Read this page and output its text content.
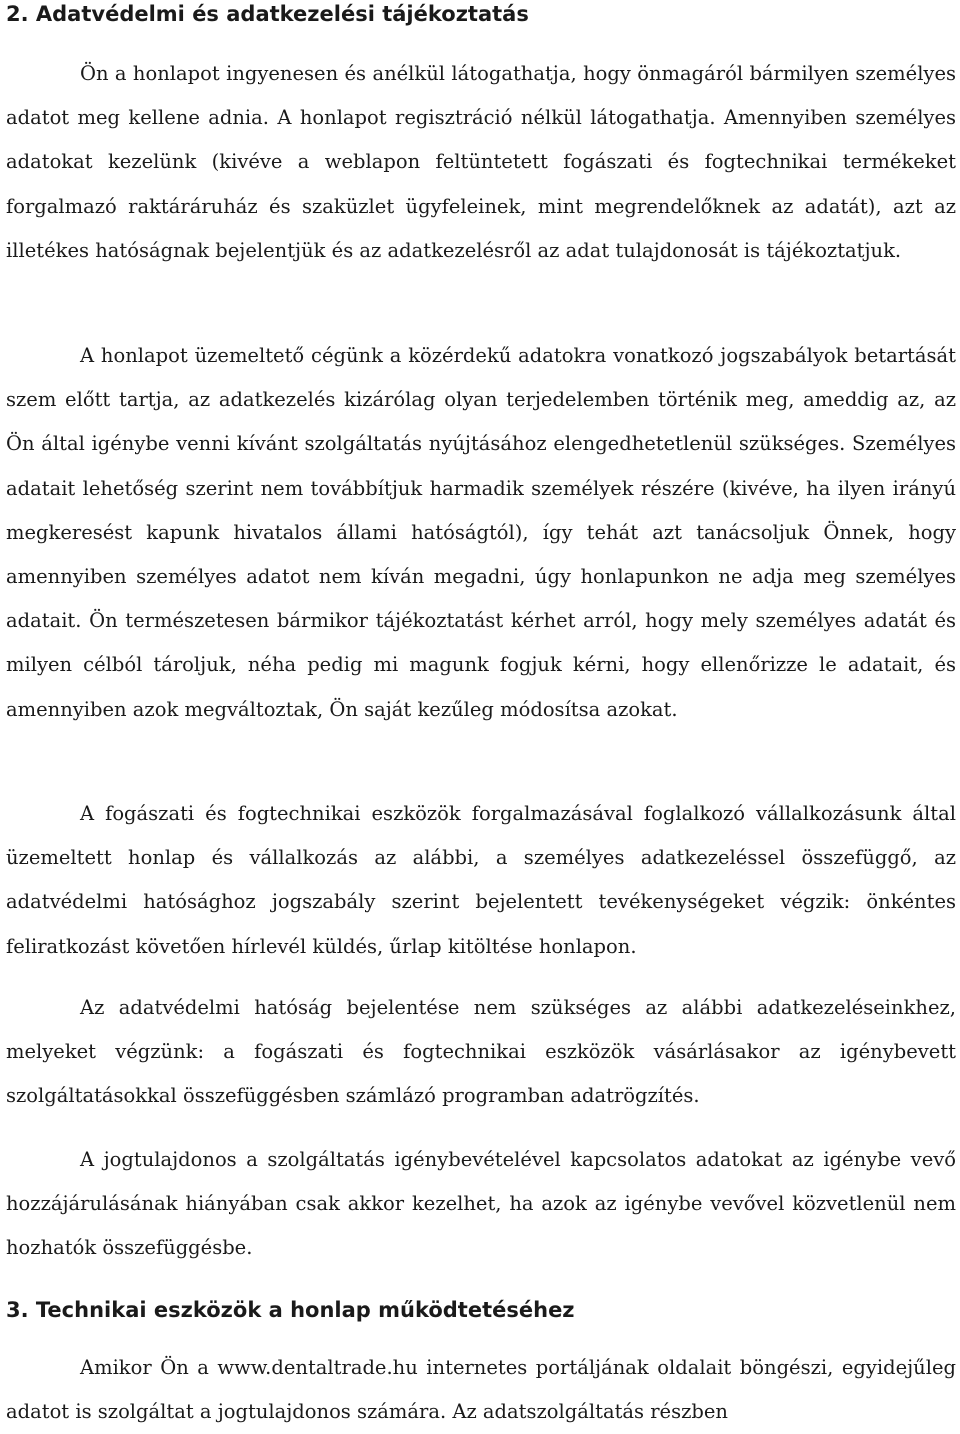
2. Adatvédelmi és adatkezelési tájékoztatás

Ön a honlapot ingyenesen és anélkül látogathatja, hogy önmagáról bármilyen személyes adatot meg kellene adnia. A honlapot regisztráció nélkül látogathatja. Amennyiben személyes adatokat kezelünk (kivéve a weblapon feltüntetett fogászati és fogtechnikai termékeket forgalmazó raktáráruház és szaküzlet ügyfeleinek, mint megrendelőknek az adatát), azt az illetékes hatóságnak bejelentjük és az adatkezelésről az adat tulajdonosát is tájékoztatjuk.

A honlapot üzemeltető cégünk a közérdekű adatokra vonatkozó jogszabályok betartását szem előtt tartja, az adatkezelés kizárólag olyan terjedelemben történik meg, ameddig az, az Ön által igénybe venni kívánt szolgáltatás nyújtásához elengedhetetlenül szükséges. Személyes adatait lehetőség szerint nem továbbítjuk harmadik személyek részére (kivéve, ha ilyen irányú megkeresést kapunk hivatalos állami hatóságtól), így tehát azt tanácsoljuk Önnek, hogy amennyiben személyes adatot nem kíván megadni, úgy honlapunkon ne adja meg személyes adatait. Ön természetesen bármikor tájékoztatást kérhet arról, hogy mely személyes adatát és milyen célból tároljuk, néha pedig mi magunk fogjuk kérni, hogy ellenőrizze le adatait, és amennyiben azok megváltoztak, Ön saját kezűleg módosítsa azokat.

A fogászati és fogtechnikai eszközök forgalmazásával foglalkozó vállalkozásunk által üzemeltett honlap és vállalkozás az alábbi, a személyes adatkezeléssel összefüggő, az adatvédelmi hatósághoz jogszabály szerint bejelentett tevékenységeket végzik: önkéntes feliratkozást követően hírlevél küldés, űrlap kitöltése honlapon.

Az adatvédelmi hatóság bejelentése nem szükséges az alábbi adatkezeléseinkhez, melyeket végzünk: a fogászati és fogtechnikai eszközök vásárlásakor az igénybevett szolgáltatásokkal összefüggésben számlázó programban adatrögzítés.

A jogtulajdonos a szolgáltatás igénybevételével kapcsolatos adatokat az igénybe vevő hozzájárulásának hiányában csak akkor kezelhet, ha azok az igénybe vevővel közvetlenül nem hozhatók összefüggésbe.

3. Technikai eszközök a honlap működtetéséhez

Amikor Ön a www.dentaltrade.hu internetes portáljának oldalait böngészi, egyidejűleg adatot is szolgáltat a jogtulajdonos számára. Az adatszolgáltatás részben
